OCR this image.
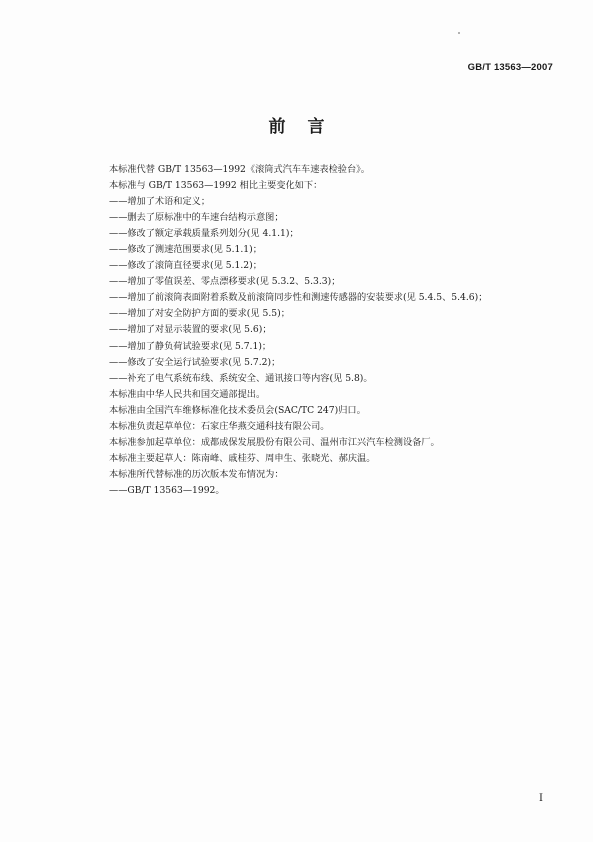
GB/T 13563—2007
前言
本标准代替 GB/T 13563—1992《滚筒式汽车车速表检验台》。
本标准与 GB/T 13563—1992 相比主要变化如下：
——增加了术语和定义；
——删去了原标准中的车速台结构示意图；
——修改了额定承载质量系列划分(见 4.1.1)；
——修改了测速范围要求(见 5.1.1)；
——修改了滚筒直径要求(见 5.1.2)；
——增加了零值误差、零点漂移要求(见 5.3.2、5.3.3)；
——增加了前滚筒表面附着系数及前滚筒同步性和测速传感器的安装要求(见 5.4.5、5.4.6)；
——增加了对安全防护方面的要求(见 5.5)；
——增加了对显示装置的要求(见 5.6)；
——增加了静负荷试验要求(见 5.7.1)；
——修改了安全运行试验要求(见 5.7.2)；
——补充了电气系统布线、系统安全、通讯接口等内容(见 5.8)。
本标准由中华人民共和国交通部提出。
本标准由全国汽车维修标准化技术委员会(SAC/TC 247)归口。
本标准负责起草单位：石家庄华燕交通科技有限公司。
本标准参加起草单位：成都成保发展股份有限公司、温州市江兴汽车检测设备厂。
本标准主要起草人：陈南峰、戚桂芬、周申生、张晓光、郝庆温。
本标准所代替标准的历次版本发布情况为：
——GB/T 13563—1992。
I
